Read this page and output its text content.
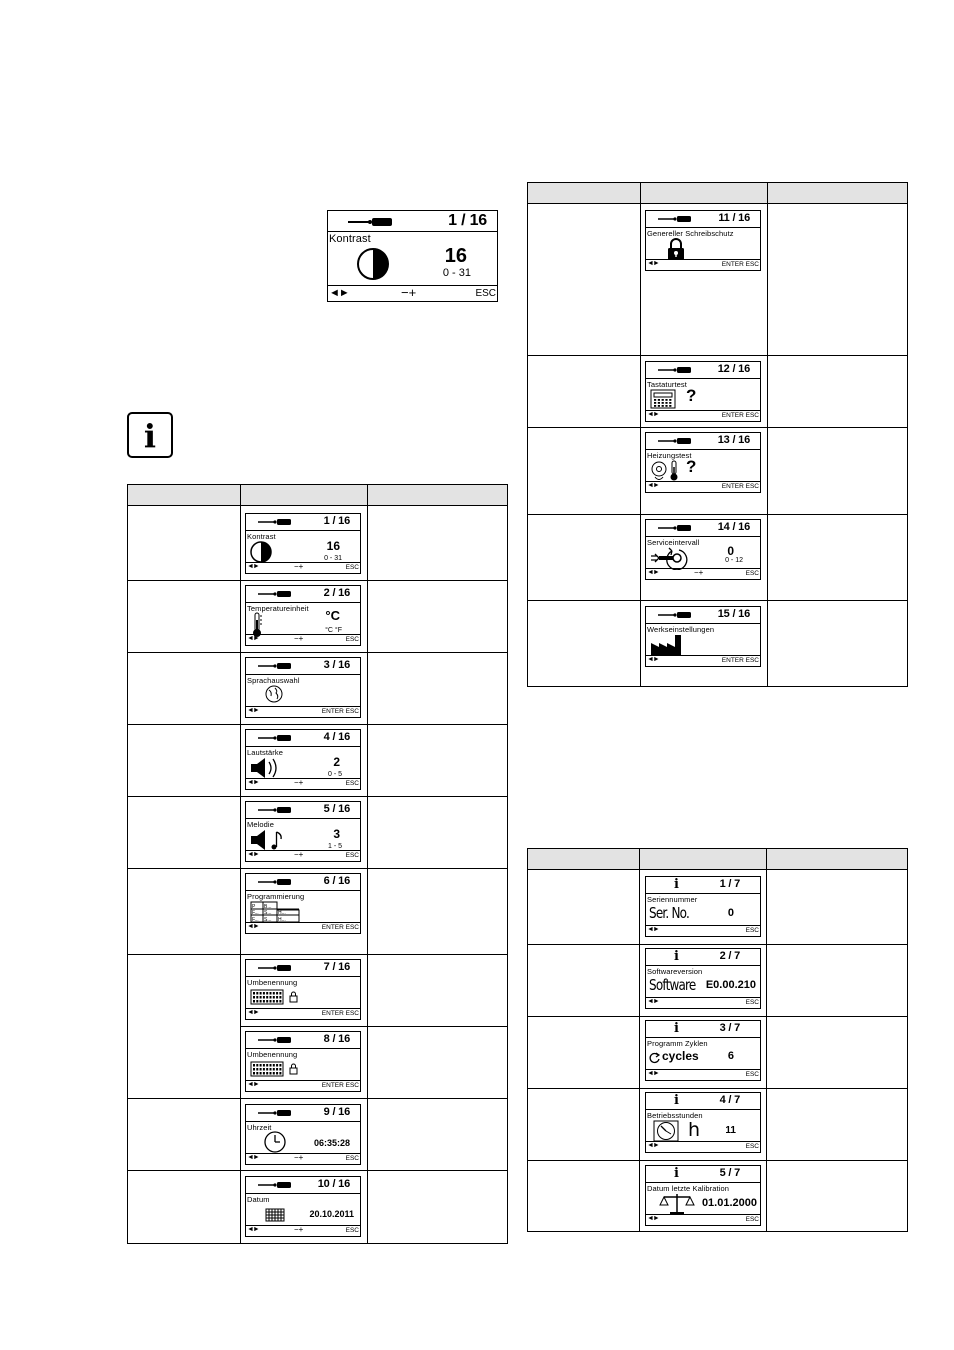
1 / 16
Kontrast
16
0 - 31
◄►	−+	ESC
i
1 / 16
Kontrast
16
0 - 31
◄►	−+	ESC
2 / 16
Temperatureinheit °C
°C °F
◄►	−+	ESC
3 / 16
Sprachauswahl
◄►	ENTER ESC
4 / 16
Lautstärke
2
0 - 5
◄►	−+	ESC
5 / 16
Melodie
3
1 - 5
◄►	−+	ESC
6 / 16
Programmierung
P B...
F... S... H...
F... S... H...
◄►	ENTER ESC
7 / 16
Umbenennung
◄►	ENTER ESC
8 / 16
Umbenennung
◄►	ENTER ESC
9 / 16
Uhrzeit
06:35:28
◄►	−+	ESC
10 / 16
Datum
20.10.2011
◄►	−+	ESC
11 / 16
Genereller Schreibschutz
◄►	ENTER ESC
12 / 16
Tastaturtest
?
◄►	ENTER ESC
13 / 16
Heizungstest
?
◄►	ENTER ESC
14 / 16
Serviceintervall
0
0 - 12
◄►	−+	ESC
15 / 16
Werkseinstellungen
◄►	ENTER ESC
i	1 / 7
Seriennummer
Ser. No.	0
◄►	ESC
i	2 / 7
Softwareversion
Software E0.00.210
◄►	ESC
i	3 / 7
Programm Zyklen
cycles	6
◄►	ESC
i	4 / 7
Betriebsstunden
h	11
◄►	ESC
i	5 / 7
Datum letzte Kalibration
01.01.2000
◄►	ESC
